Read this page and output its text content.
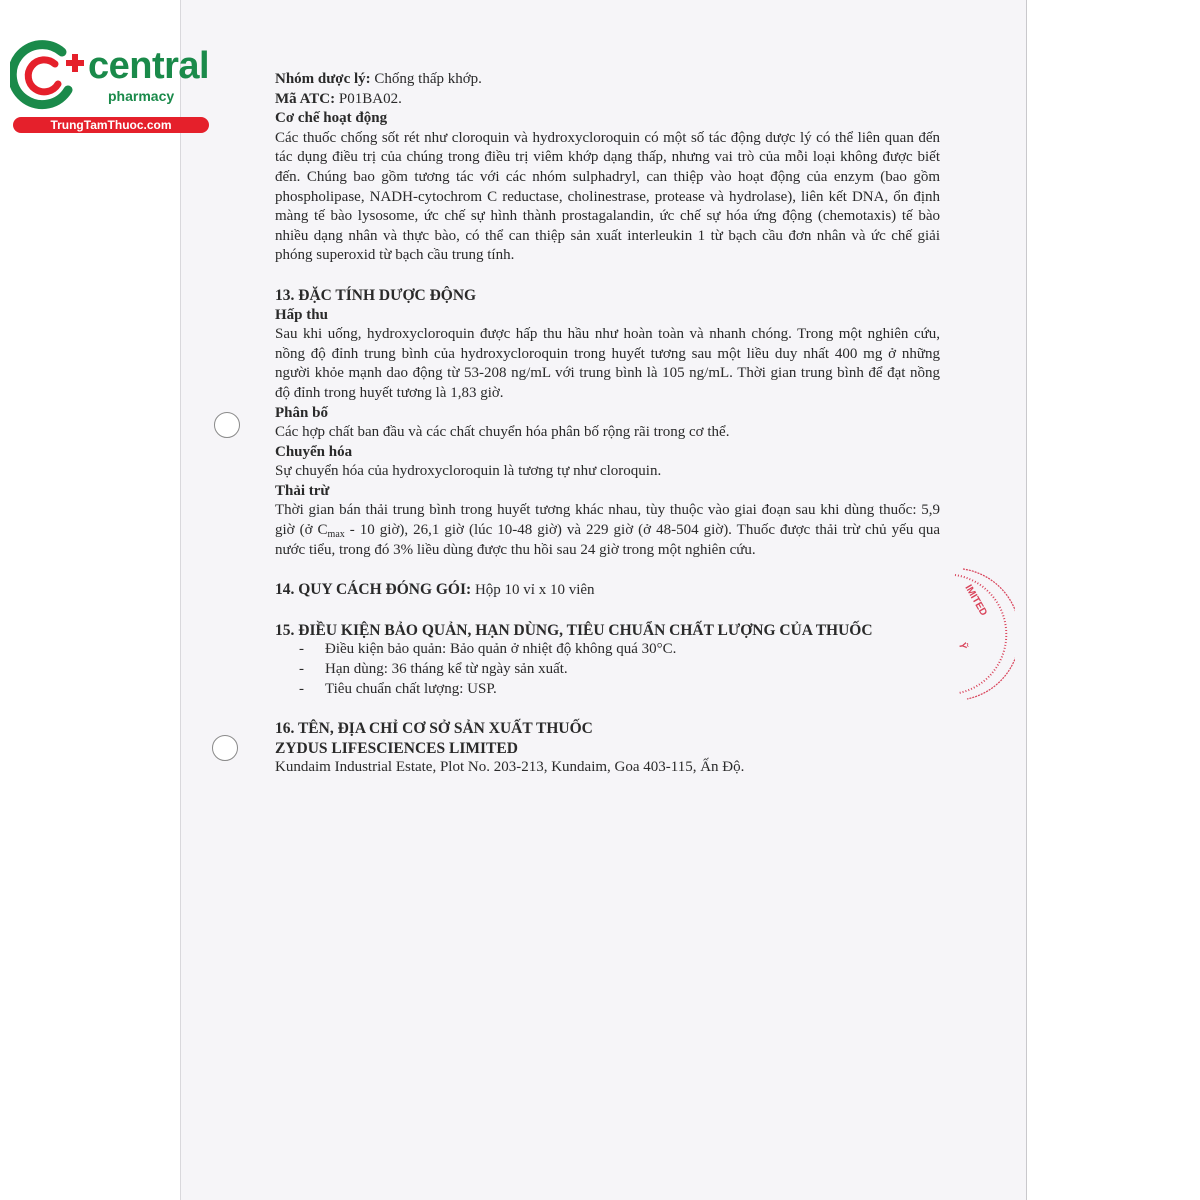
central
pharmacy
TrungTamThuoc.com
IMITED
Ỹ

Nhóm dược lý: Chống thấp khớp.

Mã ATC: P01BA02.

Cơ chế hoạt động

Các thuốc chống sốt rét như cloroquin và hydroxycloroquin có một số tác động dược lý có thể liên quan đến tác dụng điều trị của chúng trong điều trị viêm khớp dạng thấp, nhưng vai trò của mỗi loại không được biết đến. Chúng bao gồm tương tác với các nhóm sulphadryl, can thiệp vào hoạt động của enzym (bao gồm phospholipase, NADH-cytochrom C reductase, cholinestrase, protease và hydrolase), liên kết DNA, ổn định màng tế bào lysosome, ức chế sự hình thành prostagalandin, ức chế sự hóa ứng động (chemotaxis) tế bào nhiều dạng nhân và thực bào, có thể can thiệp sản xuất interleukin 1 từ bạch cầu đơn nhân và ức chế giải phóng superoxid từ bạch cầu trung tính.

13. ĐẶC TÍNH DƯỢC ĐỘNG

Hấp thu

Sau khi uống, hydroxycloroquin được hấp thu hầu như hoàn toàn và nhanh chóng. Trong một nghiên cứu, nồng độ đỉnh trung bình của hydroxycloroquin trong huyết tương sau một liều duy nhất 400 mg ở những người khỏe mạnh dao động từ 53-208 ng/mL với trung bình là 105 ng/mL. Thời gian trung bình để đạt nồng độ đỉnh trong huyết tương là 1,83 giờ.

Phân bố

Các hợp chất ban đầu và các chất chuyển hóa phân bố rộng rãi trong cơ thể.

Chuyển hóa

Sự chuyển hóa của hydroxycloroquin là tương tự như cloroquin.

Thải trừ

Thời gian bán thải trung bình trong huyết tương khác nhau, tùy thuộc vào giai đoạn sau khi dùng thuốc: 5,9 giờ (ở $C_{max} - 10$ giờ), 26,1 giờ (lúc 10-48 giờ) và 229 giờ (ở 48-504 giờ). Thuốc được thải trừ chủ yếu qua nước tiểu, trong đó 3% liều dùng được thu hồi sau 24 giờ trong một nghiên cứu.

14. QUY CÁCH ĐÓNG GÓI: Hộp 10 vỉ x 10 viên

15. ĐIỀU KIỆN BẢO QUẢN, HẠN DÙNG, TIÊU CHUẨN CHẤT LƯỢNG CỦA THUỐC

- Điều kiện bảo quản: Bảo quản ở nhiệt độ không quá 30°C.
- Hạn dùng: 36 tháng kể từ ngày sản xuất.
- Tiêu chuẩn chất lượng: USP.

16. TÊN, ĐỊA CHỈ CƠ SỞ SẢN XUẤT THUỐC

ZYDUS LIFESCIENCES LIMITED

Kundaim Industrial Estate, Plot No. 203-213, Kundaim, Goa 403-115, Ấn Độ.
